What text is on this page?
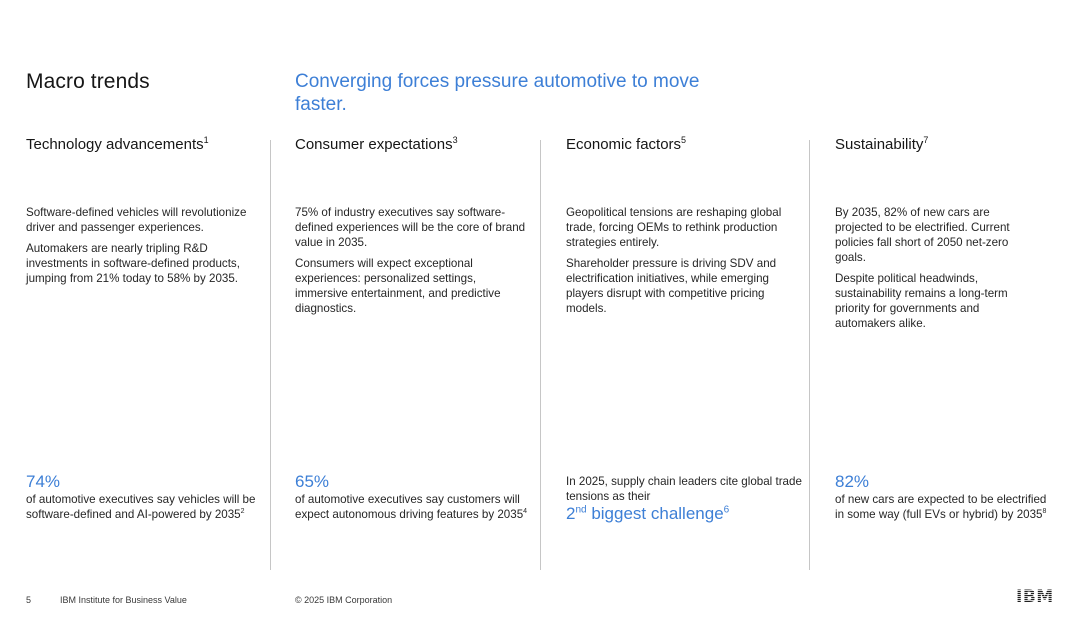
Macro trends	Converging forces pressure automotive to move faster.
Technology advancements$^1$

Software-defined vehicles will revolutionize driver and passenger experiences.

Automakers are nearly tripling R&D investments in software-defined products, jumping from 21% today to 58% by 2035.

74%
of automotive executives say vehicles will be software-defined and AI-powered by 2035$^2$
Consumer expectations$^3$

75% of industry executives say software-defined experiences will be the core of brand value in 2035.

Consumers will expect exceptional experiences: personalized settings, immersive entertainment, and predictive diagnostics.

65%
of automotive executives say customers will expect autonomous driving features by 2035$^4$
Economic factors$^5$

Geopolitical tensions are reshaping global trade, forcing OEMs to rethink production strategies entirely.

Shareholder pressure is driving SDV and electrification initiatives, while emerging players disrupt with competitive pricing models.

In 2025, supply chain leaders cite global trade tensions as their
2nd biggest challenge$^6$
Sustainability$^7$

By 2035, 82% of new cars are projected to be electrified. Current policies fall short of 2050 net-zero goals.

Despite political headwinds, sustainability remains a long-term priority for governments and automakers alike.

82%
of new cars are expected to be electrified in some way (full EVs or hybrid) by 2035$^8$
5	IBM Institute for Business Value	© 2025 IBM Corporation	IBM
